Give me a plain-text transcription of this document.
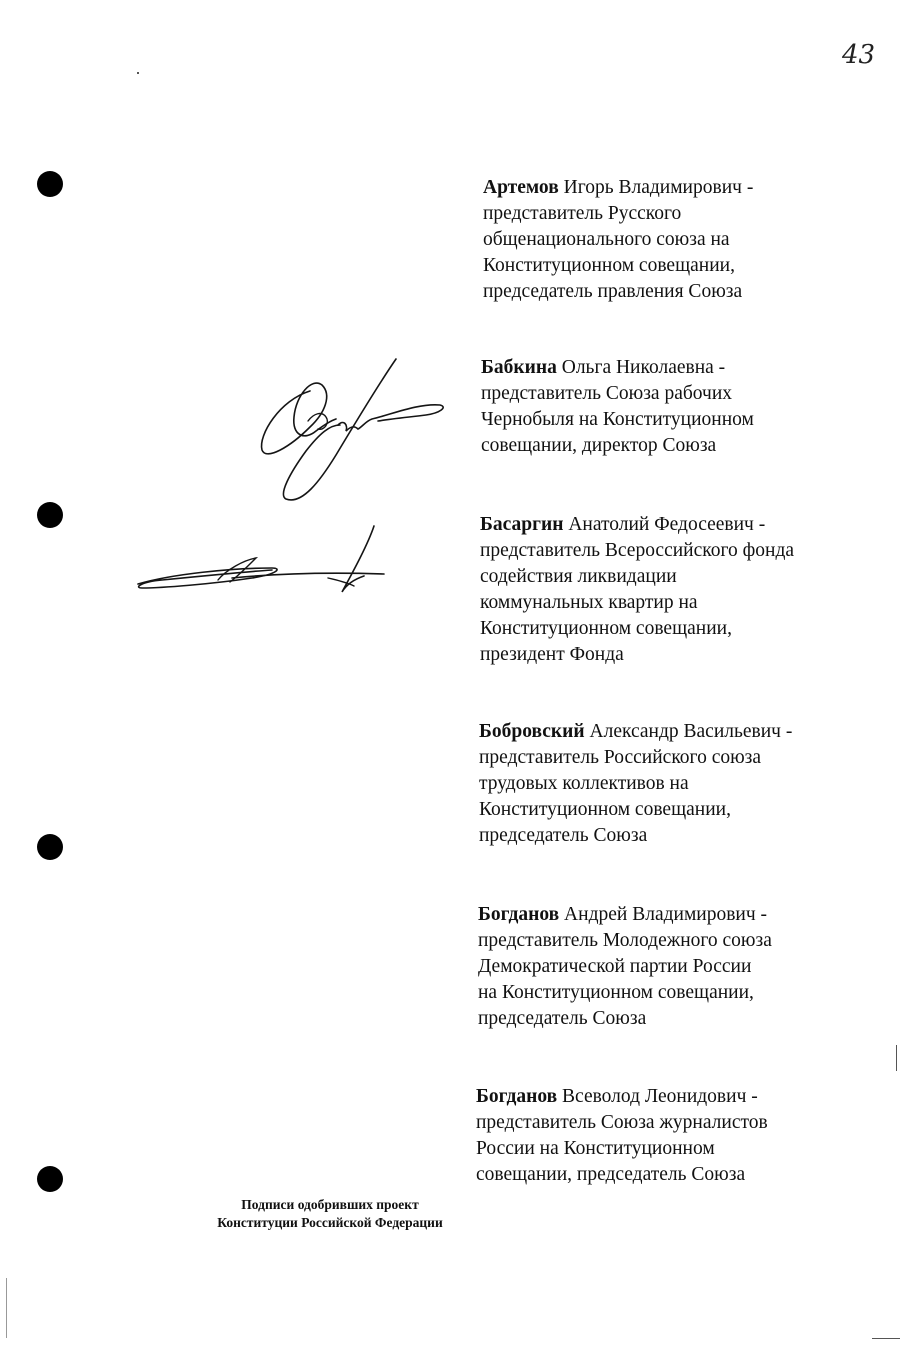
43
Артемов Игорь Владимирович -
представитель Русского
общенационального союза на
Конституционном совещании,
председатель правления Союза
Бабкина Ольга Николаевна -
представитель Союза рабочих
Чернобыля на Конституционном
совещании, директор Союза
Басаргин Анатолий Федосеевич -
представитель Всероссийского фонда
содействия ликвидации
коммунальных квартир на
Конституционном совещании,
президент Фонда
Бобровский Александр Васильевич -
представитель Российского союза
трудовых коллективов на
Конституционном совещании,
председатель Союза
Богданов Андрей Владимирович -
представитель Молодежного союза
Демократической партии России
на Конституционном совещании,
председатель Союза
Богданов Всеволод Леонидович -
представитель Союза журналистов
России на Конституционном
совещании, председатель Союза
Подписи одобривших проект
Конституции Российской Федерации
